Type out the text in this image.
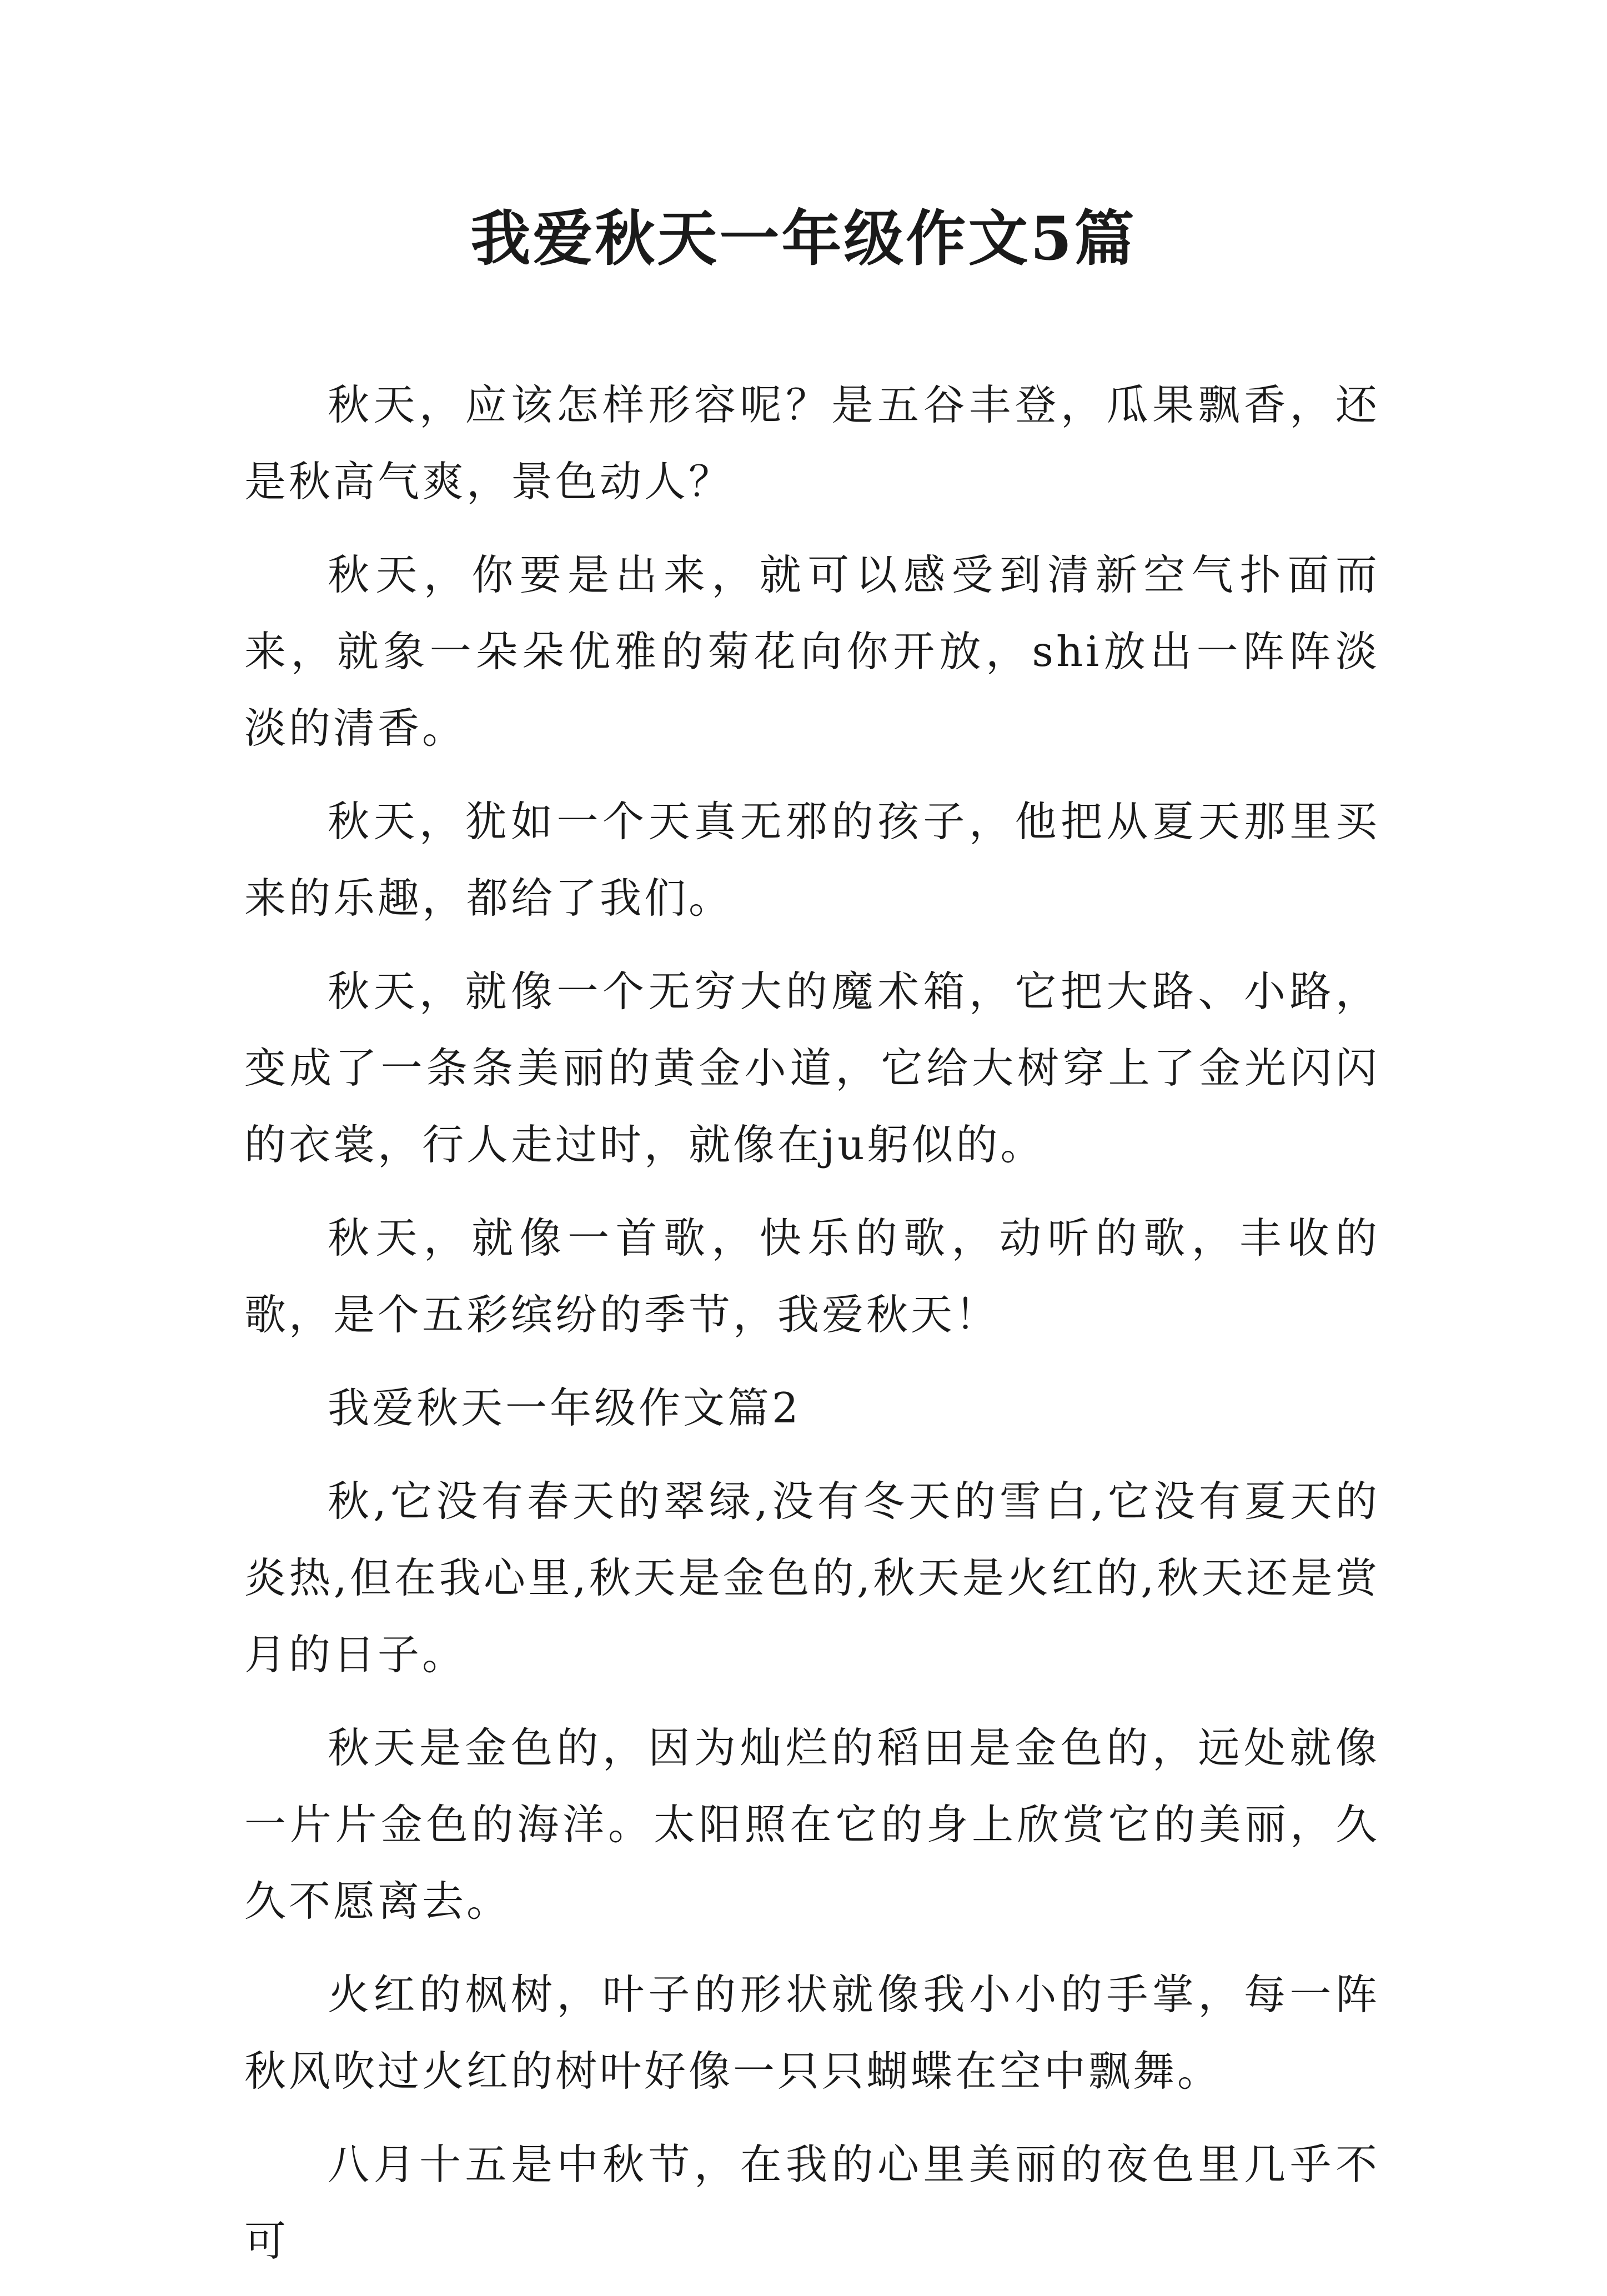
我爱秋天一年级作文5篇

秋天，应该怎样形容呢？是五谷丰登，瓜果飘香，还是秋高气爽，景色动人？

秋天，你要是出来，就可以感受到清新空气扑面而来，就象一朵朵优雅的菊花向你开放，shi放出一阵阵淡淡的清香。

秋天，犹如一个天真无邪的孩子，他把从夏天那里买来的乐趣，都给了我们。

秋天，就像一个无穷大的魔术箱，它把大路、小路，变成了一条条美丽的黄金小道，它给大树穿上了金光闪闪的衣裳，行人走过时，就像在ju躬似的。

秋天，就像一首歌，快乐的歌，动听的歌，丰收的歌，是个五彩缤纷的季节，我爱秋天！

我爱秋天一年级作文篇2

秋,它没有春天的翠绿,没有冬天的雪白,它没有夏天的炎热,但在我心里,秋天是金色的,秋天是火红的,秋天还是赏月的日子。

秋天是金色的，因为灿烂的稻田是金色的，远处就像一片片金色的海洋。太阳照在它的身上欣赏它的美丽，久久不愿离去。

火红的枫树，叶子的形状就像我小小的手掌，每一阵秋风吹过火红的树叶好像一只只蝴蝶在空中飘舞。

八月十五是中秋节，在我的心里美丽的夜色里几乎不可
